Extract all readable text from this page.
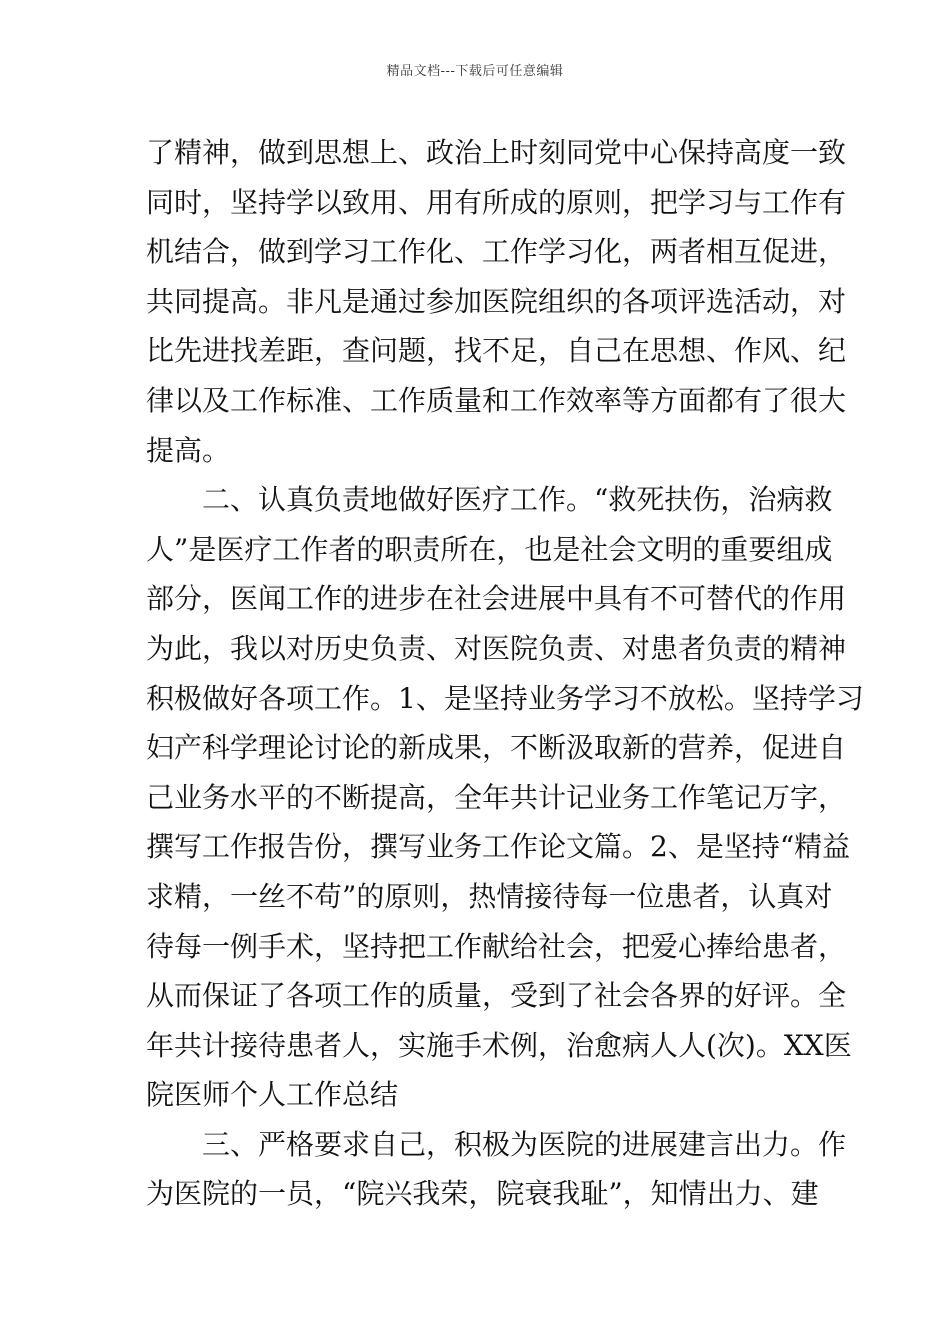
精品文档---下载后可任意编辑
了精神，做到思想上、政治上时刻同党中心保持高度一致
同时，坚持学以致用、用有所成的原则，把学习与工作有
机结合，做到学习工作化、工作学习化，两者相互促进，
共同提高。非凡是通过参加医院组织的各项评选活动，对
比先进找差距，查问题，找不足，自己在思想、作风、纪
律以及工作标准、工作质量和工作效率等方面都有了很大
提高。
　　二、认真负责地做好医疗工作。“救死扶伤，治病救
人”是医疗工作者的职责所在，也是社会文明的重要组成
部分，医闻工作的进步在社会进展中具有不可替代的作用
为此，我以对历史负责、对医院负责、对患者负责的精神
积极做好各项工作。1、是坚持业务学习不放松。坚持学习
妇产科学理论讨论的新成果，不断汲取新的营养，促进自
己业务水平的不断提高，全年共计记业务工作笔记万字，
撰写工作报告份，撰写业务工作论文篇。2、是坚持“精益
求精，一丝不苟”的原则，热情接待每一位患者，认真对
待每一例手术，坚持把工作献给社会，把爱心捧给患者，
从而保证了各项工作的质量，受到了社会各界的好评。全
年共计接待患者人，实施手术例，治愈病人人(次)。XX医
院医师个人工作总结
　　三、严格要求自己，积极为医院的进展建言出力。作
为医院的一员，“院兴我荣，院衰我耻”，知情出力、建
